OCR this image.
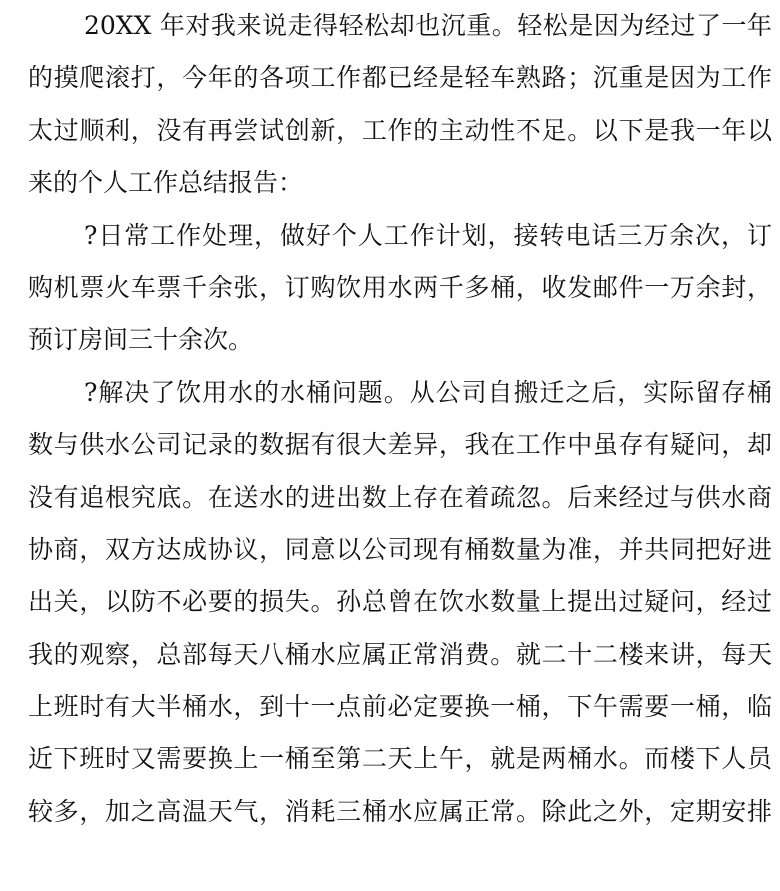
20XX 年对我来说走得轻松却也沉重。轻松是因为经过了一年
的摸爬滚打，今年的各项工作都已经是轻车熟路；沉重是因为工作
太过顺利，没有再尝试创新，工作的主动性不足。以下是我一年以
来的个人工作总结报告：
?日常工作处理，做好个人工作计划，接转电话三万余次，订
购机票火车票千余张，订购饮用水两千多桶，收发邮件一万余封，
预订房间三十余次。
?解决了饮用水的水桶问题。从公司自搬迁之后，实际留存桶
数与供水公司记录的数据有很大差异，我在工作中虽存有疑问，却
没有追根究底。在送水的进出数上存在着疏忽。后来经过与供水商
协商，双方达成协议，同意以公司现有桶数量为准，并共同把好进
出关，以防不必要的损失。孙总曾在饮水数量上提出过疑问，经过
我的观察，总部每天八桶水应属正常消费。就二十二楼来讲，每天
上班时有大半桶水，到十一点前必定要换一桶，下午需要一桶，临
近下班时又需要换上一桶至第二天上午，就是两桶水。而楼下人员
较多，加之高温天气，消耗三桶水应属正常。除此之外，定期安排
